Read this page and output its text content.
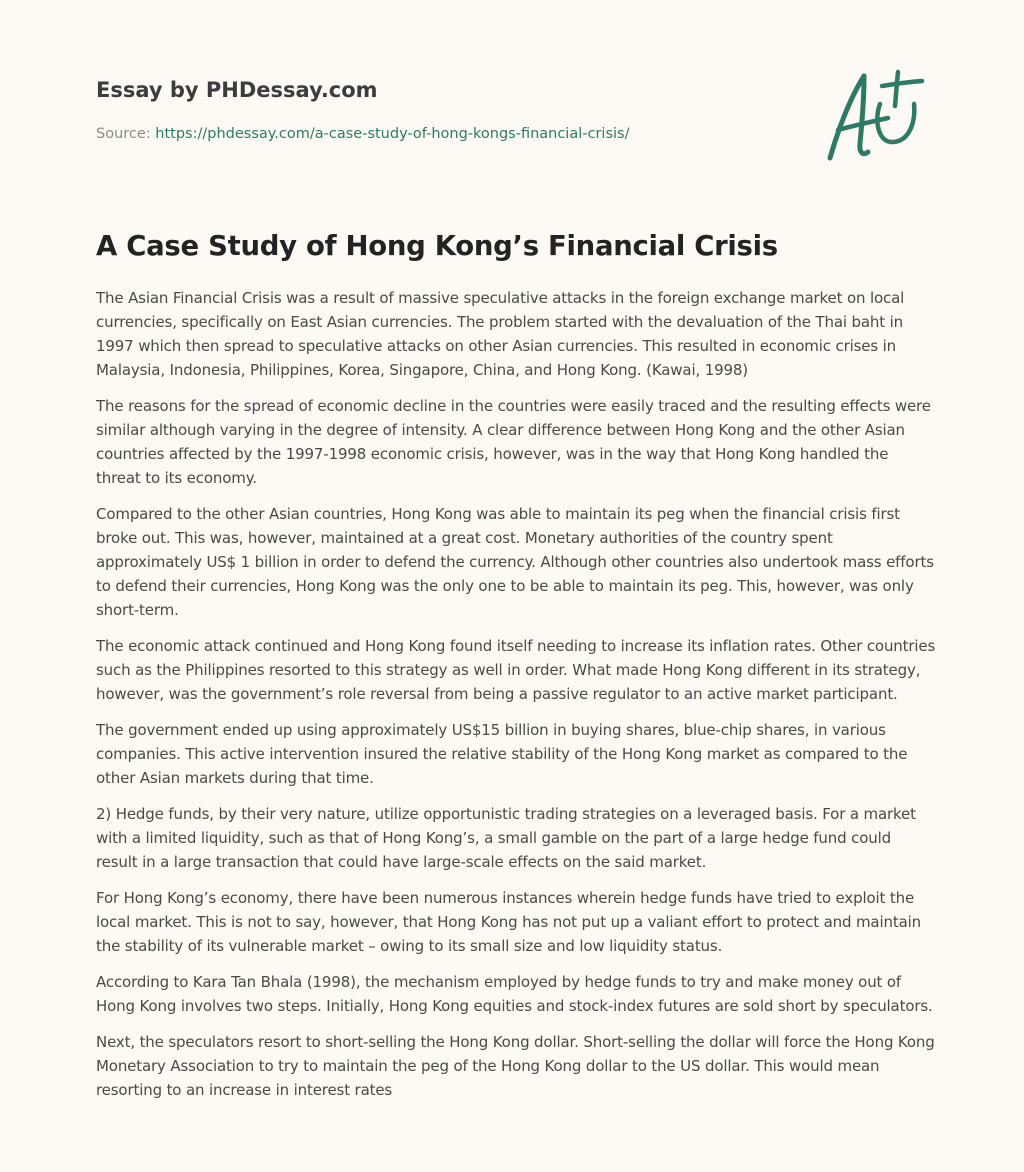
Essay by PHDessay.com
Source: https://phdessay.com/a-case-study-of-hong-kongs-financial-crisis/
A Case Study of Hong Kong’s Financial Crisis

The Asian Financial Crisis was a result of massive speculative attacks in the foreign exchange market on local currencies, specifically on East Asian currencies. The problem started with the devaluation of the Thai baht in 1997 which then spread to speculative attacks on other Asian currencies. This resulted in economic crises in Malaysia, Indonesia, Philippines, Korea, Singapore, China, and Hong Kong. (Kawai, 1998)

The reasons for the spread of economic decline in the countries were easily traced and the resulting effects were similar although varying in the degree of intensity. A clear difference between Hong Kong and the other Asian countries affected by the 1997-1998 economic crisis, however, was in the way that Hong Kong handled the threat to its economy.

Compared to the other Asian countries, Hong Kong was able to maintain its peg when the financial crisis first broke out. This was, however, maintained at a great cost. Monetary authorities of the country spent approximately US$ 1 billion in order to defend the currency. Although other countries also undertook mass efforts to defend their currencies, Hong Kong was the only one to be able to maintain its peg. This, however, was only short-term.

The economic attack continued and Hong Kong found itself needing to increase its inflation rates. Other countries such as the Philippines resorted to this strategy as well in order. What made Hong Kong different in its strategy, however, was the government’s role reversal from being a passive regulator to an active market participant.

The government ended up using approximately US$15 billion in buying shares, blue-chip shares, in various companies. This active intervention insured the relative stability of the Hong Kong market as compared to the other Asian markets during that time.

2) Hedge funds, by their very nature, utilize opportunistic trading strategies on a leveraged basis. For a market with a limited liquidity, such as that of Hong Kong’s, a small gamble on the part of a large hedge fund could result in a large transaction that could have large-scale effects on the said market.

For Hong Kong’s economy, there have been numerous instances wherein hedge funds have tried to exploit the local market. This is not to say, however, that Hong Kong has not put up a valiant effort to protect and maintain the stability of its vulnerable market – owing to its small size and low liquidity status.

According to Kara Tan Bhala (1998), the mechanism employed by hedge funds to try and make money out of Hong Kong involves two steps. Initially, Hong Kong equities and stock-index futures are sold short by speculators.

Next, the speculators resort to short-selling the Hong Kong dollar. Short-selling the dollar will force the Hong Kong Monetary Association to try to maintain the peg of the Hong Kong dollar to the US dollar. This would mean resorting to an increase in interest rates
